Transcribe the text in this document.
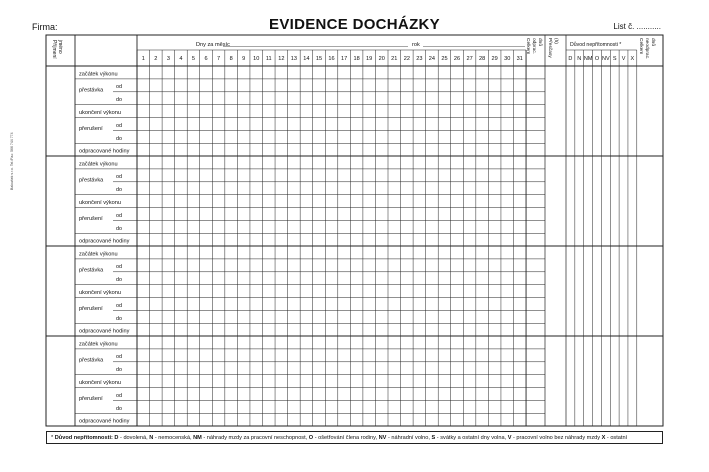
Firma:	EVIDENCE DOCHÁZKY	List č. ...........
Baloušek s.r.o. Tel./Fax: 566 744 774
1 2 3 4 5 6 7 8 9 10 11 12 13 14 15 16 17 18 19 20 21 22 23 24 25 26 27 28 29 30 31	D N NM O NV S V X
Dny za měsíc	rok	Důvod nepřítomnosti *
Příjmení jméno	Celkem odprac. dnů	Přesčasy (h)	Celkem neodprac. dnů
začátek výkonu
přestávka
od
do
ukončení výkonu
přerušení
od
do
odpracované hodiny
začátek výkonu
přestávka
od
do
ukončení výkonu
přerušení
od
do
odpracované hodiny
začátek výkonu
přestávka
od
do
ukončení výkonu
přerušení
od
do
odpracované hodiny
začátek výkonu
přestávka
od
do
ukončení výkonu
přerušení
od
do
odpracované hodiny
* Důvod nepřítomnosti: D - dovolená, N - nemocenská, NM - náhrady mzdy za pracovní neschopnost, O - ošetřování člena rodiny, NV - náhradní volno, S - svátky a ostatní dny volna, V - pracovní volno bez náhrady mzdy X - ostatní
